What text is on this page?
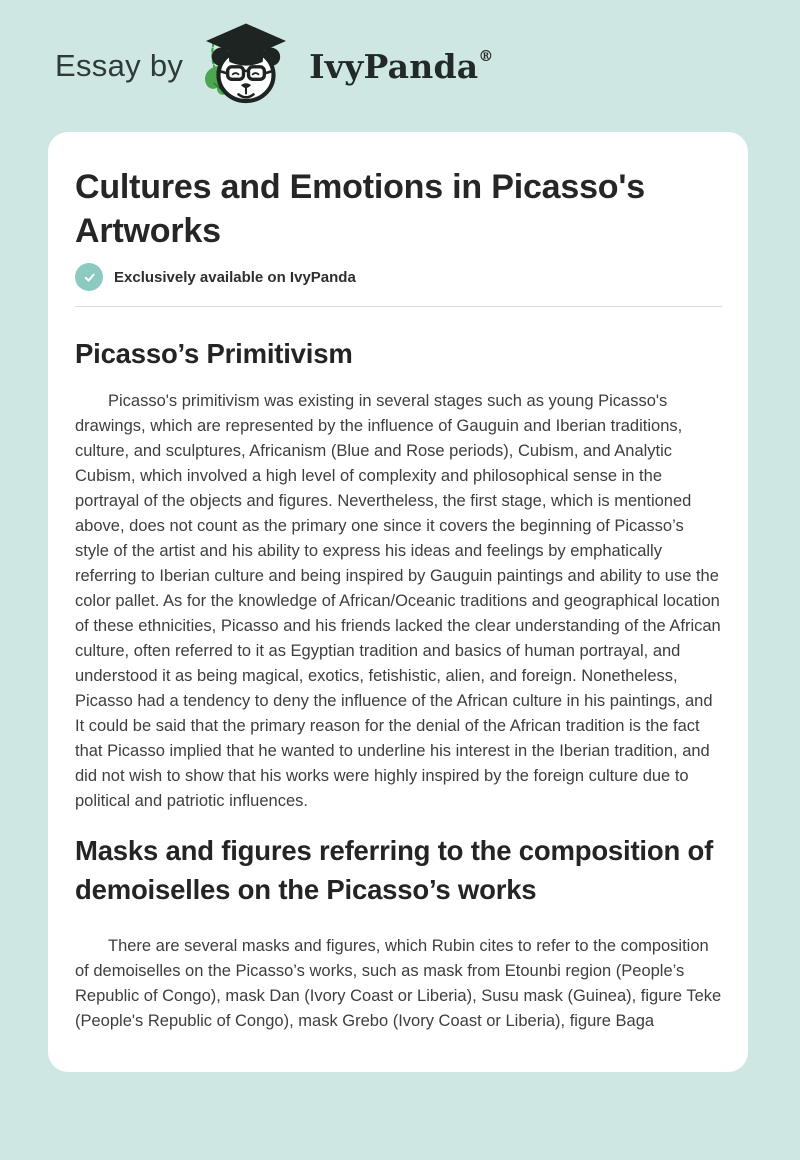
Essay by	IvyPanda®
Cultures and Emotions in Picasso's Artworks
Exclusively available on IvyPanda
Picasso’s Primitivism

Picasso's primitivism was existing in several stages such as young Picasso's drawings, which are represented by the influence of Gauguin and Iberian traditions, culture, and sculptures, Africanism (Blue and Rose periods), Cubism, and Analytic Cubism, which involved a high level of complexity and philosophical sense in the portrayal of the objects and figures. Nevertheless, the first stage, which is mentioned above, does not count as the primary one since it covers the beginning of Picasso’s style of the artist and his ability to express his ideas and feelings by emphatically referring to Iberian culture and being inspired by Gauguin paintings and ability to use the color pallet. As for the knowledge of African/Oceanic traditions and geographical location of these ethnicities, Picasso and his friends lacked the clear understanding of the African culture, often referred to it as Egyptian tradition and basics of human portrayal, and understood it as being magical, exotics, fetishistic, alien, and foreign. Nonetheless, Picasso had a tendency to deny the influence of the African culture in his paintings, and It could be said that the primary reason for the denial of the African tradition is the fact that Picasso implied that he wanted to underline his interest in the Iberian tradition, and did not wish to show that his works were highly inspired by the foreign culture due to political and patriotic influences.

Masks and figures referring to the composition of demoiselles on the Picasso’s works

There are several masks and figures, which Rubin cites to refer to the composition of demoiselles on the Picasso’s works, such as mask from Etounbi region (People’s Republic of Congo), mask Dan (Ivory Coast or Liberia), Susu mask (Guinea), figure Teke (People's Republic of Congo), mask Grebo (Ivory Coast or Liberia), figure Baga
